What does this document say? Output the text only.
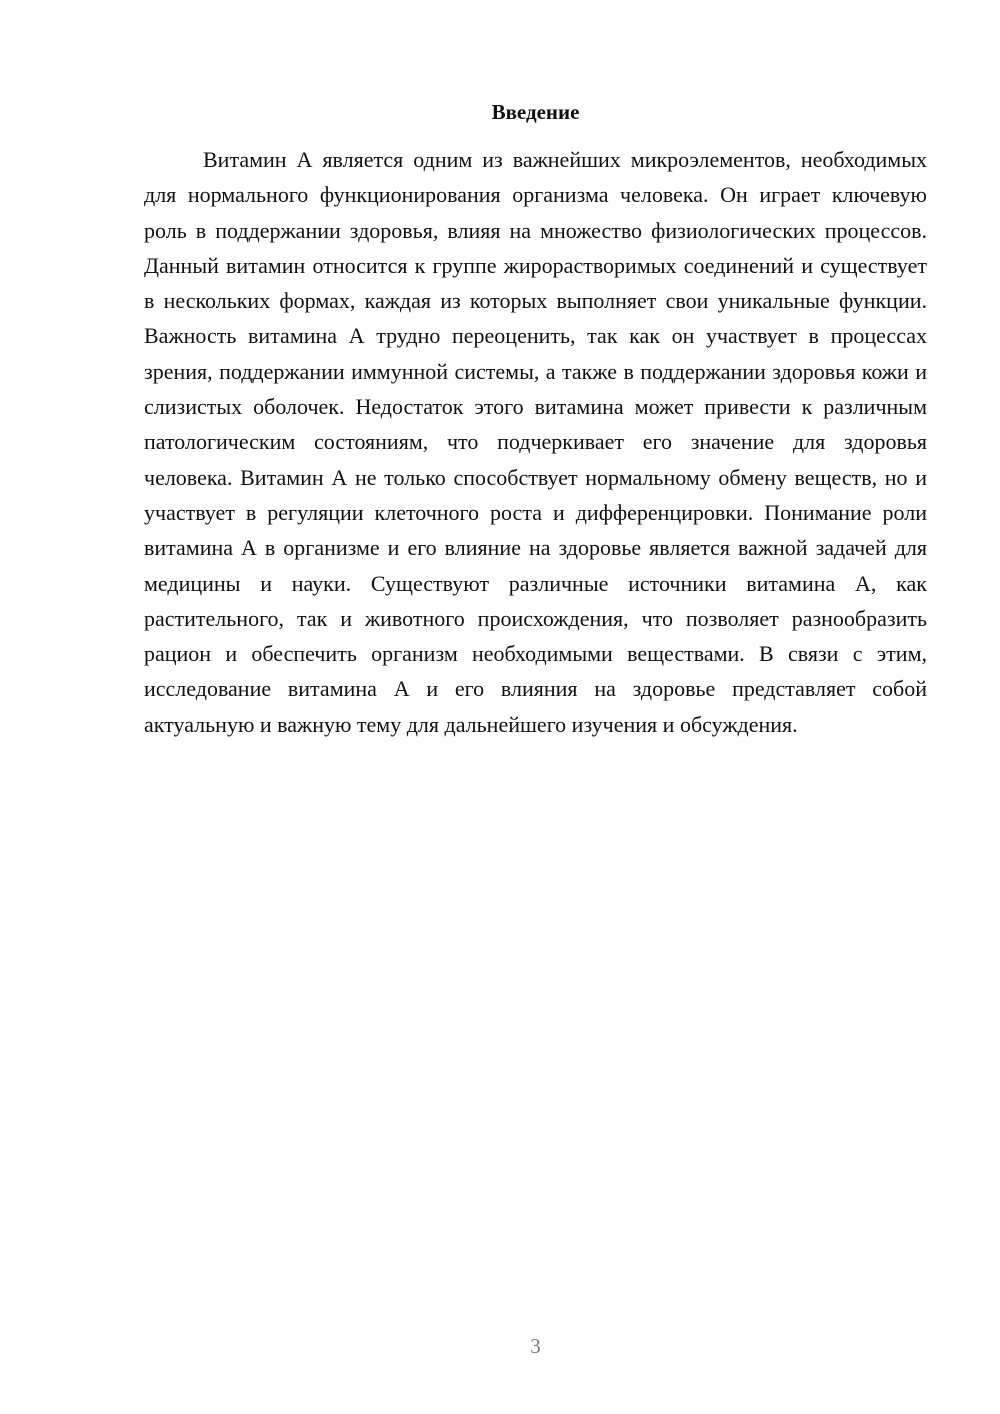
Введение

Витамин А является одним из важнейших микроэлементов, необходимых для нормального функционирования организма человека. Он играет ключевую роль в поддержании здоровья, влияя на множество физиологических процессов. Данный витамин относится к группе жирорастворимых соединений и существует в нескольких формах, каждая из которых выполняет свои уникальные функции. Важность витамина А трудно переоценить, так как он участвует в процессах зрения, поддержании иммунной системы, а также в поддержании здоровья кожи и слизистых оболочек. Недостаток этого витамина может привести к различным патологическим состояниям, что подчеркивает его значение для здоровья человека. Витамин А не только способствует нормальному обмену веществ, но и участвует в регуляции клеточного роста и дифференцировки. Понимание роли витамина А в организме и его влияние на здоровье является важной задачей для медицины и науки. Существуют различные источники витамина А, как растительного, так и животного происхождения, что позволяет разнообразить рацион и обеспечить организм необходимыми веществами. В связи с этим, исследование витамина А и его влияния на здоровье представляет собой актуальную и важную тему для дальнейшего изучения и обсуждения.

3
